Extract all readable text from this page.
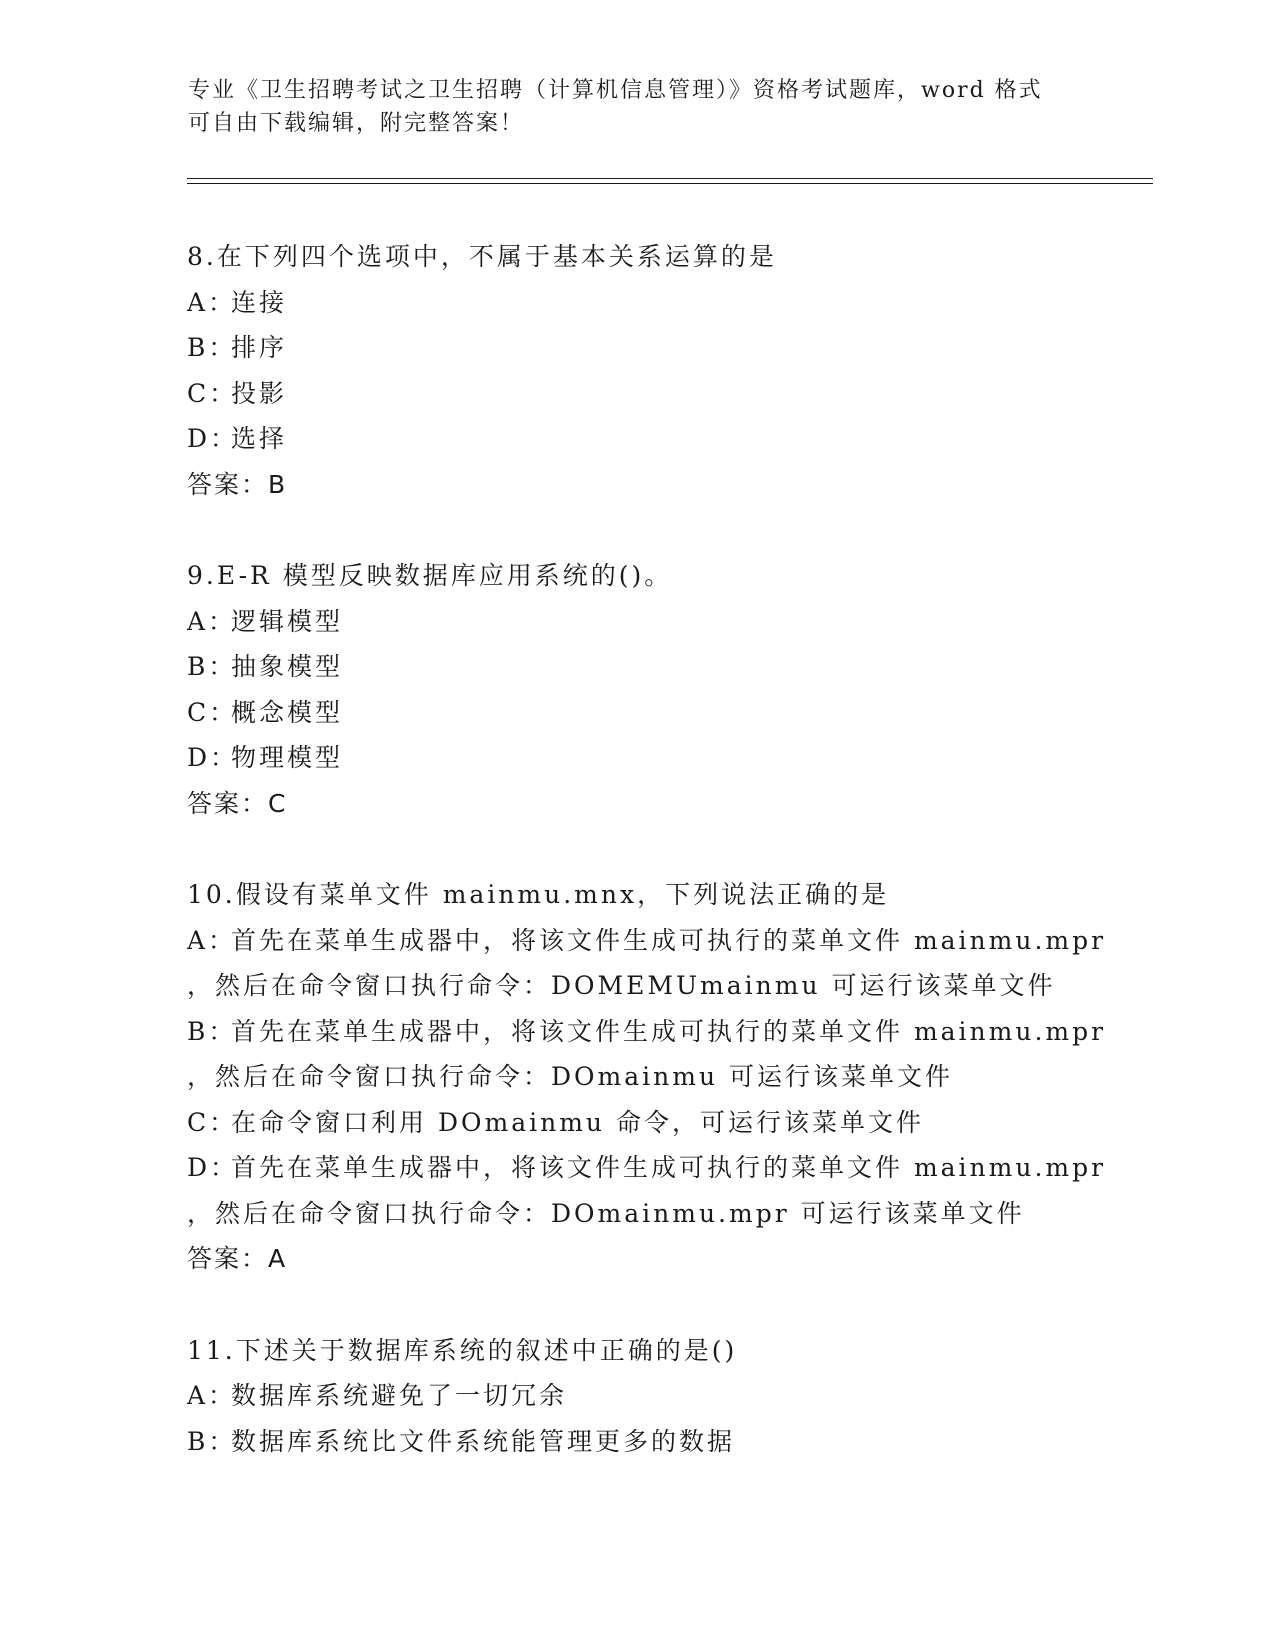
专业《卫生招聘考试之卫生招聘（计算机信息管理）》资格考试题库，word 格式
可自由下载编辑，附完整答案！
8.在下列四个选项中，不属于基本关系运算的是
A：连接
B：排序
C：投影
D：选择
答案：B
9.E-R 模型反映数据库应用系统的()。
A：逻辑模型
B：抽象模型
C：概念模型
D：物理模型
答案：C
10.假设有菜单文件 mainmu.mnx，下列说法正确的是
A：首先在菜单生成器中，将该文件生成可执行的菜单文件 mainmu.mpr
，然后在命令窗口执行命令：DOMEMUmainmu 可运行该菜单文件
B：首先在菜单生成器中，将该文件生成可执行的菜单文件 mainmu.mpr
，然后在命令窗口执行命令：DOmainmu 可运行该菜单文件
C：在命令窗口利用 DOmainmu 命令，可运行该菜单文件
D：首先在菜单生成器中，将该文件生成可执行的菜单文件 mainmu.mpr
，然后在命令窗口执行命令：DOmainmu.mpr 可运行该菜单文件
答案：A
11.下述关于数据库系统的叙述中正确的是()
A：数据库系统避免了一切冗余
B：数据库系统比文件系统能管理更多的数据
